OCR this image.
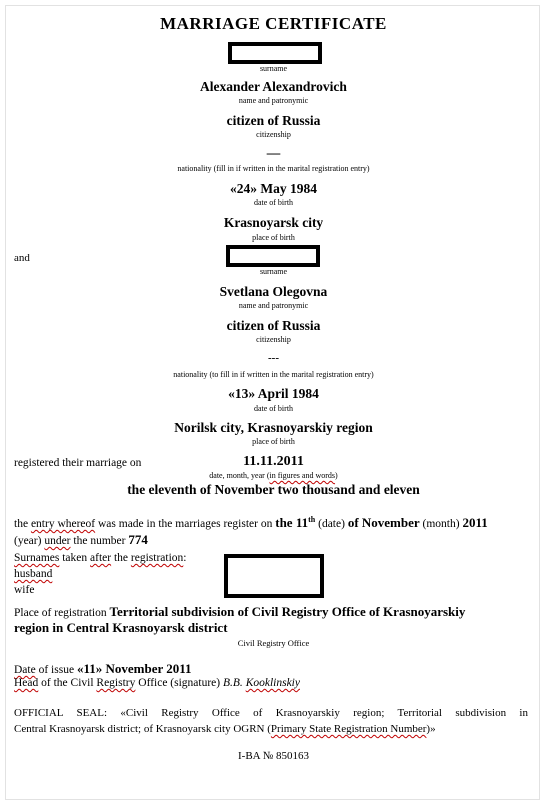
MARRIAGE CERTIFICATE
surname
Alexander Alexandrovich
name and patronymic
citizen of Russia
citizenship
—
nationality (fill in if written in the marital registration entry)
«24» May 1984
date of birth
Krasnoyarsk city
place of birth
and
surname
Svetlana Olegovna
name and patronymic
citizen of Russia
citizenship
---
nationality (to fill in if written in the marital registration entry)
«13» April 1984
date of birth
Norilsk city, Krasnoyarskiy region
place of birth
registered their marriage on	11.11.2011
date, month, year (in figures and words)
the eleventh of November two thousand and eleven
the entry whereof was made in the marriages register on the 11th (date) of November (month) 2011
(year) under the number 774
Surnames taken after the registration:
husband
wife
Place of registration Territorial subdivision of Civil Registry Office of Krasnoyarskiy
region in Central Krasnoyarsk district
Civil Registry Office
Date of issue «11» November 2011
Head of the Civil Registry Office (signature) B.B. Kooklinskiy
OFFICIAL SEAL: «Civil Registry Office of Krasnoyarskiy region; Territorial subdivision in
Central Krasnoyarsk district; of Krasnoyarsk city OGRN (Primary State Registration Number)»
I-BA № 850163
